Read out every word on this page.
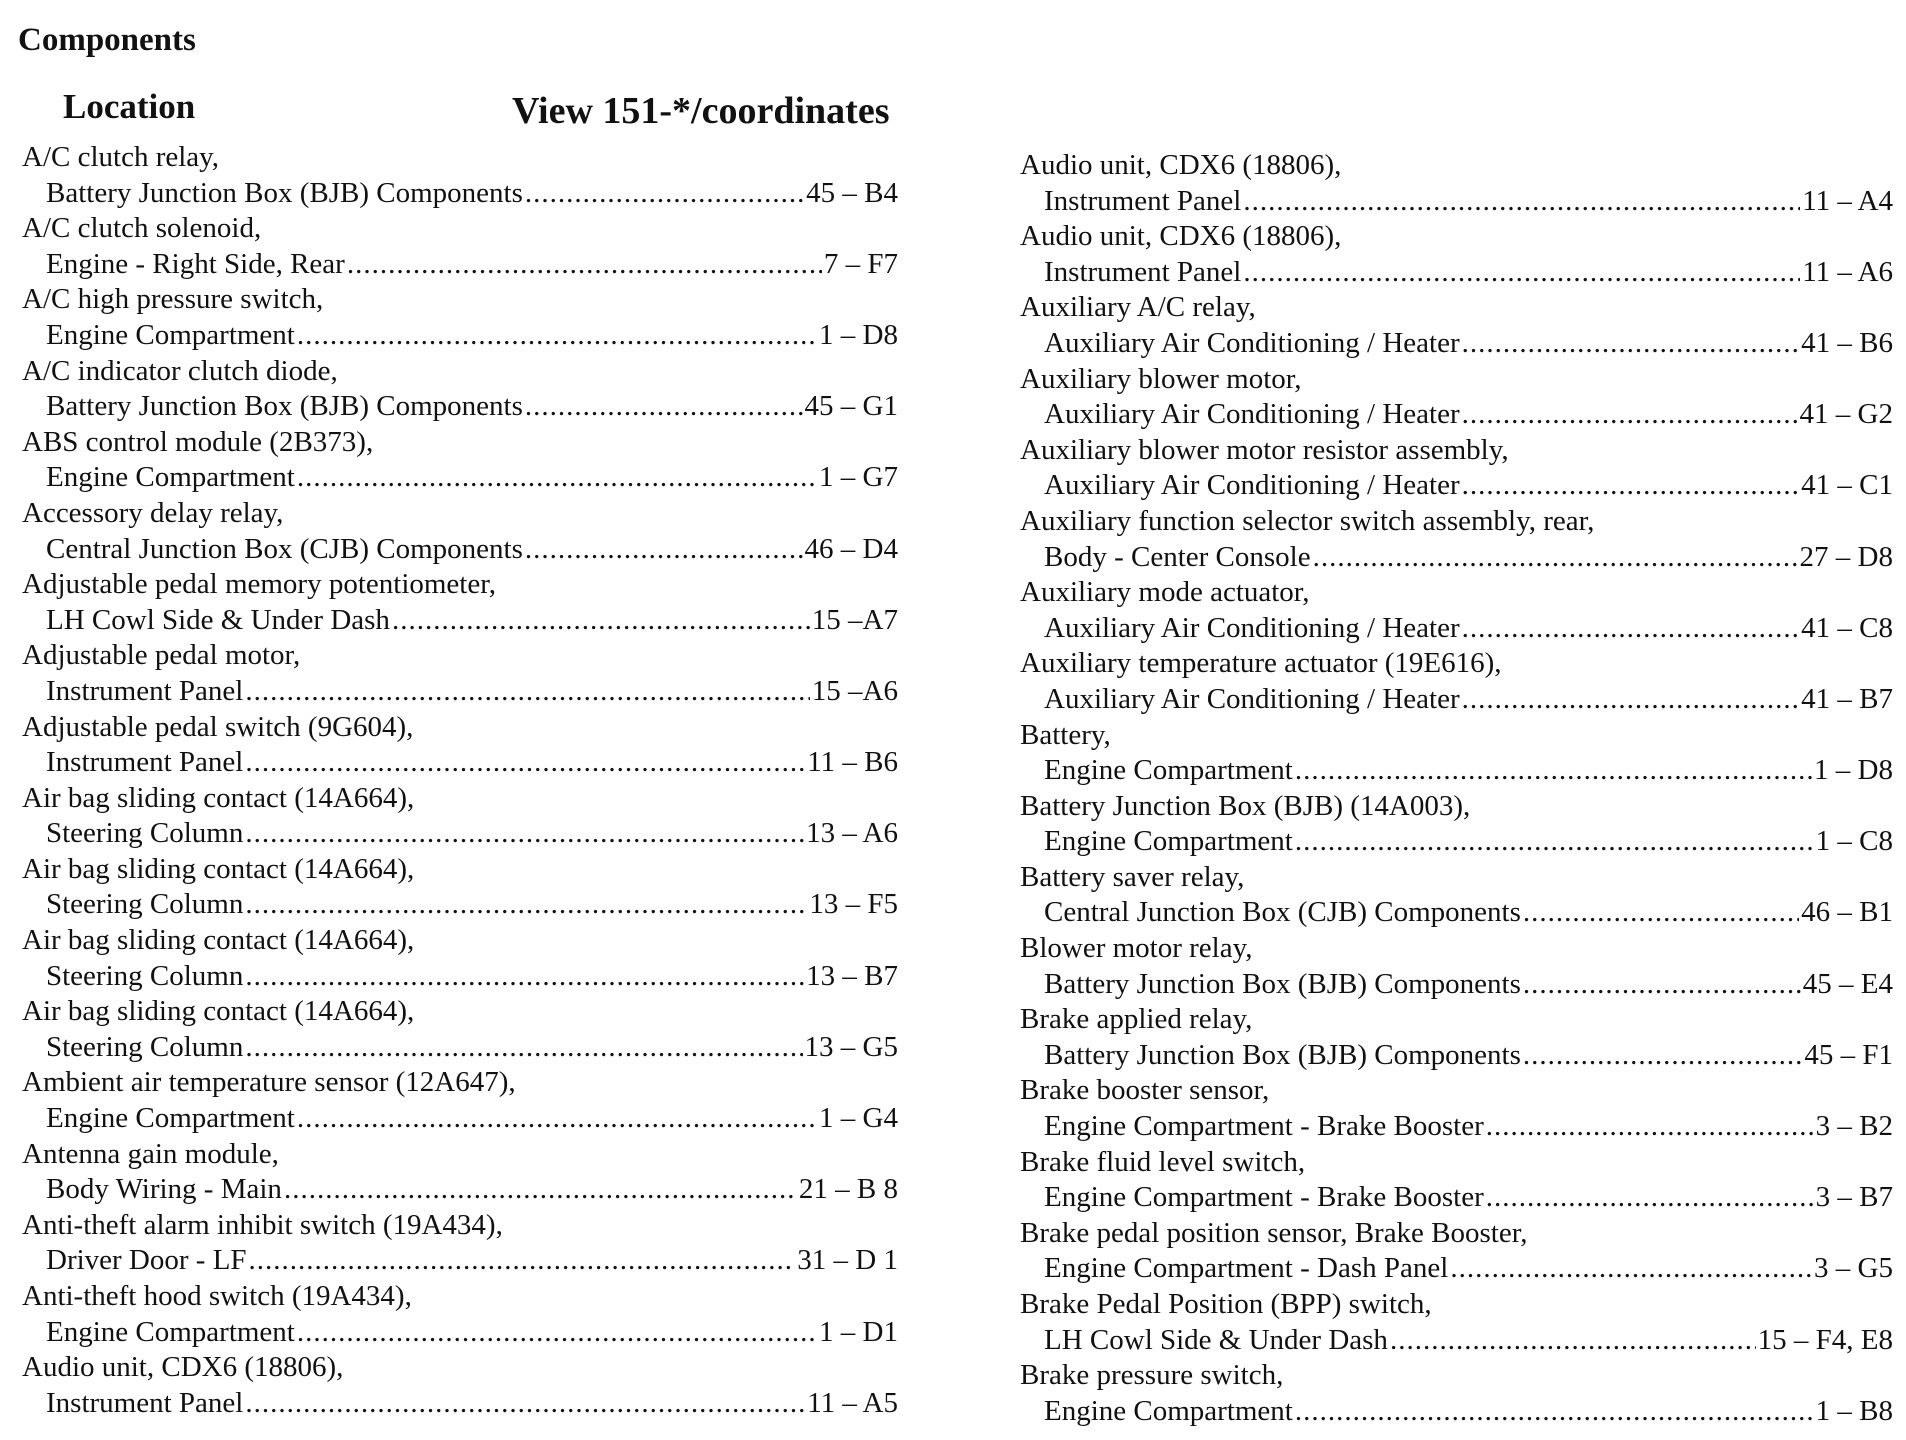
Components
Location	View 151-*/coordinates
A/C clutch relay,
Battery Junction Box (BJB) Components .....	45 – B4
A/C clutch solenoid,
Engine - Right Side, Rear .....	7 – F7
A/C high pressure switch,
Engine Compartment .....	1 – D8
A/C indicator clutch diode,
Battery Junction Box (BJB) Components .....	45 – G1
ABS control module (2B373),
Engine Compartment .....	1 – G7
Accessory delay relay,
Central Junction Box (CJB) Components .....	46 – D4
Adjustable pedal memory potentiometer,
LH Cowl Side & Under Dash .....	15 –A7
Adjustable pedal motor,
Instrument Panel .....	15 –A6
Adjustable pedal switch (9G604),
Instrument Panel .....	11 – B6
Air bag sliding contact (14A664),
Steering Column .....	13 – A6
Air bag sliding contact (14A664),
Steering Column .....	13 – F5
Air bag sliding contact (14A664),
Steering Column .....	13 – B7
Air bag sliding contact (14A664),
Steering Column .....	13 – G5
Ambient air temperature sensor (12A647),
Engine Compartment .....	1 – G4
Antenna gain module,
Body Wiring - Main .....	21 – B 8
Anti-theft alarm inhibit switch (19A434),
Driver Door - LF .....	31 – D 1
Anti-theft hood switch (19A434),
Engine Compartment .....	1 – D1
Audio unit, CDX6 (18806),
Instrument Panel .....	11 – A5
Audio unit, CDX6 (18806),
Instrument Panel .....	11 – A4
Audio unit, CDX6 (18806),
Instrument Panel .....	11 – A6
Auxiliary A/C relay,
Auxiliary Air Conditioning / Heater .....	41 – B6
Auxiliary blower motor,
Auxiliary Air Conditioning / Heater .....	41 – G2
Auxiliary blower motor resistor assembly,
Auxiliary Air Conditioning / Heater .....	41 – C1
Auxiliary function selector switch assembly, rear,
Body - Center Console .....	27 – D8
Auxiliary mode actuator,
Auxiliary Air Conditioning / Heater .....	41 – C8
Auxiliary temperature actuator (19E616),
Auxiliary Air Conditioning / Heater .....	41 – B7
Battery,
Engine Compartment .....	1 – D8
Battery Junction Box (BJB) (14A003),
Engine Compartment .....	1 – C8
Battery saver relay,
Central Junction Box (CJB) Components .....	46 – B1
Blower motor relay,
Battery Junction Box (BJB) Components .....	45 – E4
Brake applied relay,
Battery Junction Box (BJB) Components .....	45 – F1
Brake booster sensor,
Engine Compartment - Brake Booster .....	3 – B2
Brake fluid level switch,
Engine Compartment - Brake Booster .....	3 – B7
Brake pedal position sensor, Brake Booster,
Engine Compartment - Dash Panel .....	3 – G5
Brake Pedal Position (BPP) switch,
LH Cowl Side & Under Dash .....	15 – F4, E8
Brake pressure switch,
Engine Compartment .....	1 – B8
